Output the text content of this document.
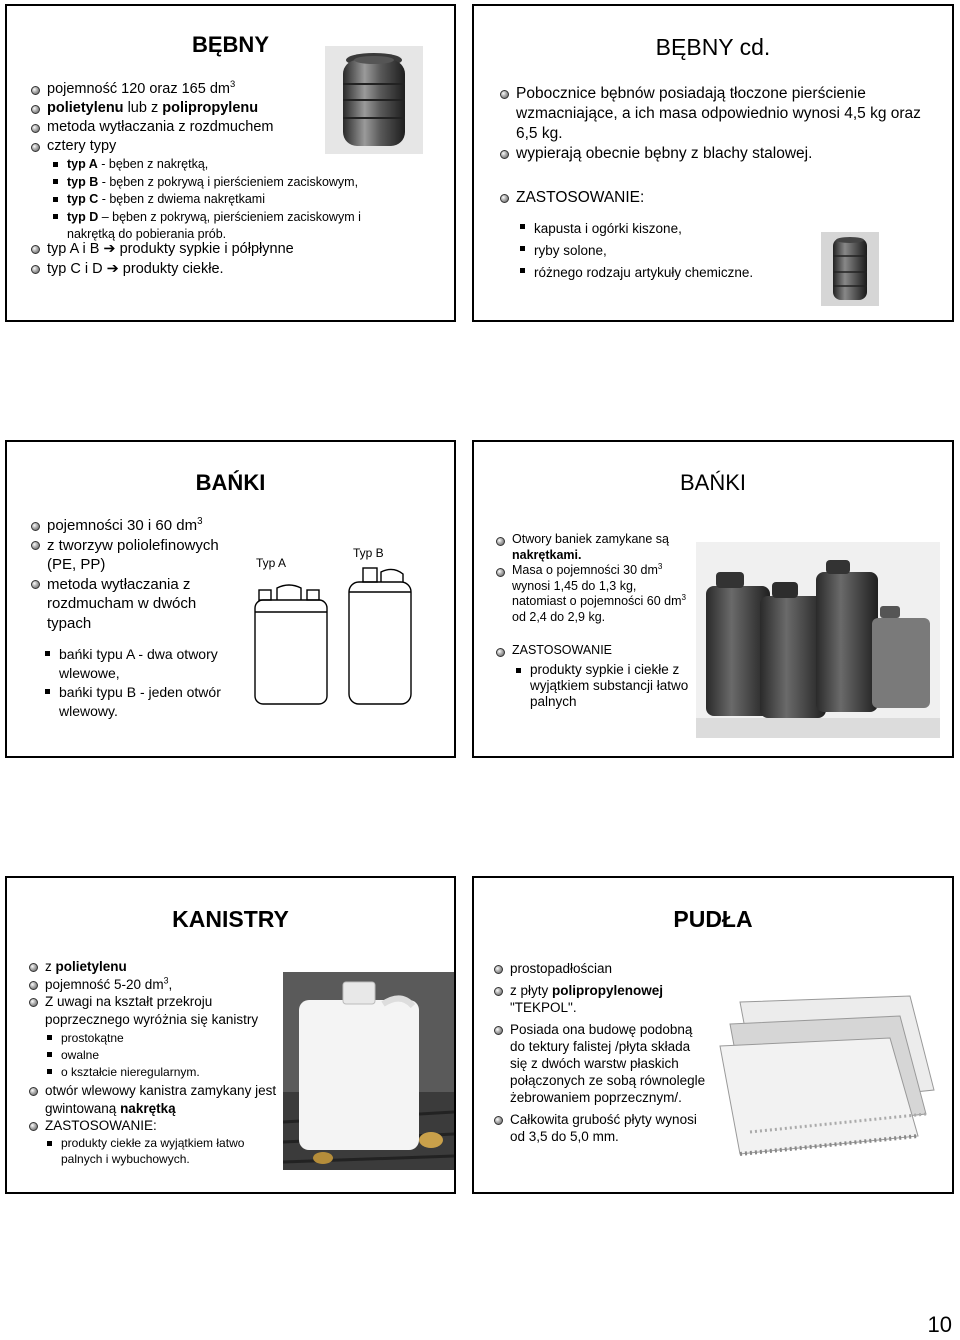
BĘBNY
pojemność 120 oraz 165 $dm^3$
polietylenu lub z polipropylenu
metoda wytłaczania z rozdmuchem
cztery typy
typ A - bęben z nakrętką,
typ B - bęben z pokrywą i pierścieniem zaciskowym,
typ C - bęben z dwiema nakrętkami
typ D – bęben z pokrywą, pierścieniem zaciskowym i nakrętką do pobierania prób.
typ A i B ➔ produkty sypkie i półpłynne
typ C i D ➔ produkty ciekłe.
BĘBNY cd.
Pobocznice bębnów posiadają tłoczone pierścienie wzmacniające, a ich masa odpowiednio wynosi 4,5 kg oraz 6,5 kg.
wypierają obecnie bębny z blachy stalowej.
ZASTOSOWANIE:
kapusta i ogórki kiszone,
ryby solone,
różnego rodzaju artykuły chemiczne.
BAŃKI
pojemności 30 i 60 $dm^3$
z tworzyw poliolefinowych (PE, PP)
metoda wytłaczania z rozdmucham w dwóch typach
bańki typu A - dwa otwory wlewowe,
bańki typu B - jeden otwór wlewowy.
Typ A
Typ B
BAŃKI
Otwory baniek zamykane są nakrętkami.
Masa o pojemności 30 $dm^3$ wynosi 1,45 do 1,3 kg, natomiast o pojemności 60 $dm^3$ od 2,4 do 2,9 kg.
ZASTOSOWANIE
produkty sypkie i ciekłe z wyjątkiem substancji łatwo palnych
KANISTRY
z polietylenu
pojemność 5-20 $dm^3$,
Z uwagi na kształt przekroju poprzecznego wyróżnia się kanistry
prostokątne
owalne
o kształcie nieregularnym.
otwór wlewowy kanistra zamykany jest gwintowaną nakrętką
ZASTOSOWANIE:
produkty ciekłe za wyjątkiem łatwo palnych i wybuchowych.
PUDŁA
prostopadłościan
z płyty polipropylenowej "TEKPOL".
Posiada ona budowę podobną do tektury falistej /płyta składa się z dwóch warstw płaskich połączonych ze sobą równolegle żebrowaniem poprzecznym/.
Całkowita grubość płyty wynosi od 3,5 do 5,0 mm.
10
